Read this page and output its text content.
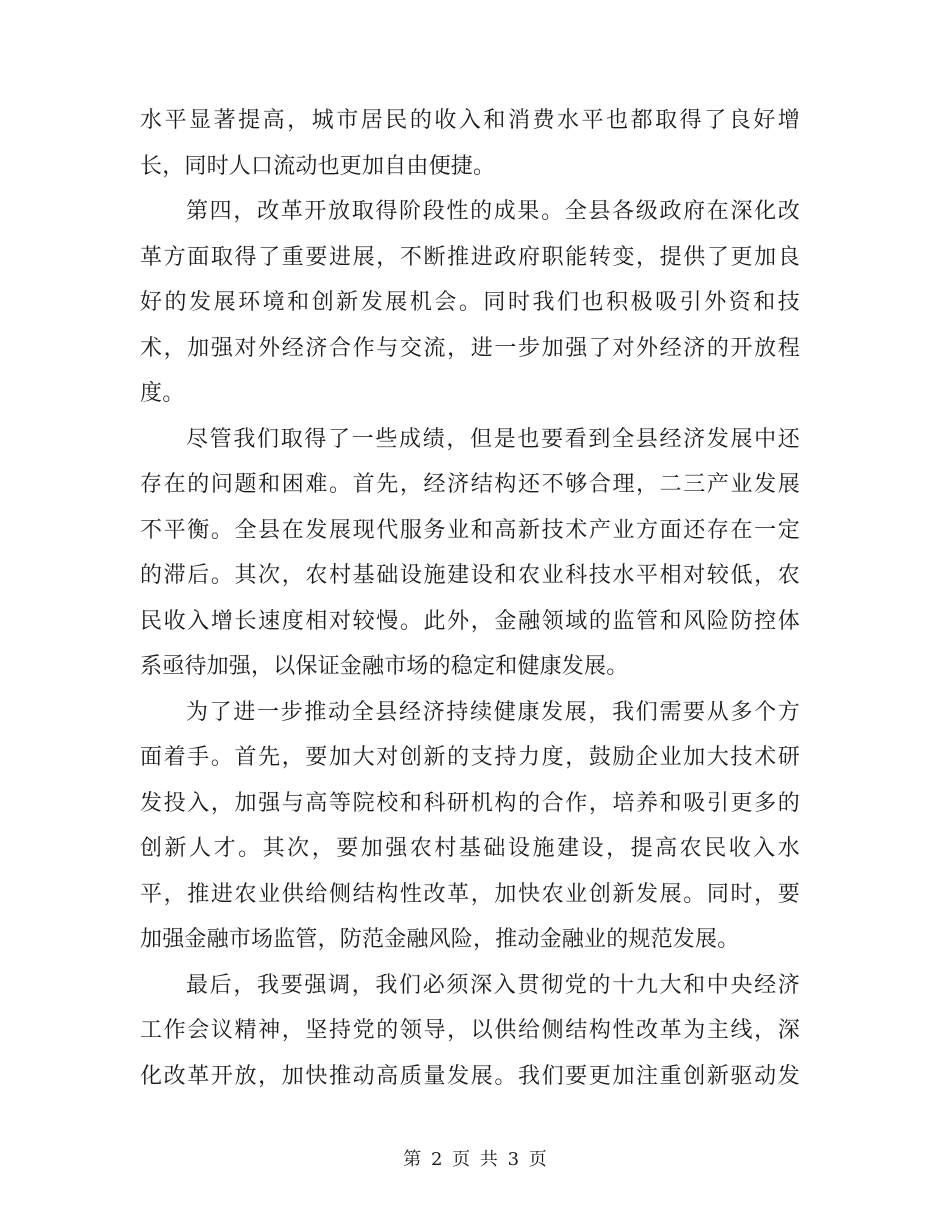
水平显著提高，城市居民的收入和消费水平也都取得了良好增
长，同时人口流动也更加自由便捷。
第四，改革开放取得阶段性的成果。全县各级政府在深化改
革方面取得了重要进展，不断推进政府职能转变，提供了更加良
好的发展环境和创新发展机会。同时我们也积极吸引外资和技
术，加强对外经济合作与交流，进一步加强了对外经济的开放程
度。
尽管我们取得了一些成绩，但是也要看到全县经济发展中还
存在的问题和困难。首先，经济结构还不够合理，二三产业发展
不平衡。全县在发展现代服务业和高新技术产业方面还存在一定
的滞后。其次，农村基础设施建设和农业科技水平相对较低，农
民收入增长速度相对较慢。此外，金融领域的监管和风险防控体
系亟待加强，以保证金融市场的稳定和健康发展。
为了进一步推动全县经济持续健康发展，我们需要从多个方
面着手。首先，要加大对创新的支持力度，鼓励企业加大技术研
发投入，加强与高等院校和科研机构的合作，培养和吸引更多的
创新人才。其次，要加强农村基础设施建设，提高农民收入水
平，推进农业供给侧结构性改革，加快农业创新发展。同时，要
加强金融市场监管，防范金融风险，推动金融业的规范发展。
最后，我要强调，我们必须深入贯彻党的十九大和中央经济
工作会议精神，坚持党的领导，以供给侧结构性改革为主线，深
化改革开放，加快推动高质量发展。我们要更加注重创新驱动发
第 2 页 共 3 页
